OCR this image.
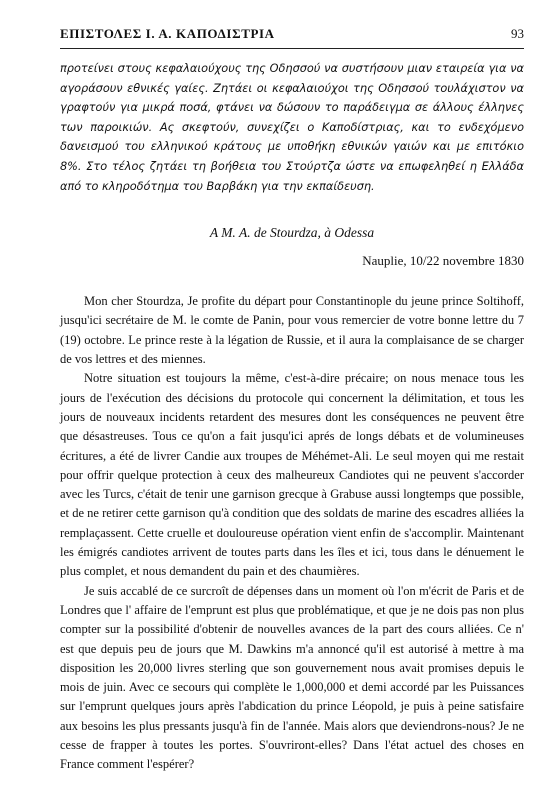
ΕΠΙΣΤΟΛΕΣ Ι. Α. ΚΑΠΟΔΙΣΤΡΙΑ	93
προτείνει στους κεφαλαιούχους της Οδησσού να συστήσουν μιαν εταιρεία για να αγοράσουν εθνικές γαίες. Ζητάει οι κεφαλαιούχοι της Οδησσού τουλάχιστον να γραφτούν για μικρά ποσά, φτάνει να δώσουν το παράδειγμα σε άλλους έλληνες των παροικιών. Ας σκεφτούν, συνεχίζει ο Καποδίστριας, και το ενδεχόμενο δανεισμού του ελληνικού κράτους με υποθήκη εθνικών γαιών και με επιτόκιο 8%. Στο τέλος ζητάει τη βοήθεια του Στούρτζα ώστε να επωφεληθεί η Ελλάδα από το κληροδότημα του Βαρβάκη για την εκπαίδευση.
A M. A. de Stourdza, à Odessa
Nauplie, 10/22 novembre 1830

Mon cher Stourdza, Je profite du départ pour Constantinople du jeune prince Soltihoff, jusqu'ici secrétaire de M. le comte de Panin, pour vous remercier de votre bonne lettre du 7 (19) octobre. Le prince reste à la légation de Russie, et il aura la complaisance de se charger de vos lettres et des miennes.

Notre situation est toujours la même, c'est-à-dire précaire; on nous menace tous les jours de l'exécution des décisions du protocole qui concernent la délimitation, et tous les jours de nouveaux incidents retardent des mesures dont les conséquences ne peuvent être que désastreuses. Tous ce qu'on a fait jusqu'ici aprés de longs débats et de volumineuses écritures, a été de livrer Candie aux troupes de Méhémet-Ali. Le seul moyen qui me restait pour offrir quelque protection à ceux des malheureux Candiotes qui ne peuvent s'accorder avec les Turcs, c'était de tenir une garnison grecque à Grabuse aussi longtemps que possible, et de ne retirer cette garnison qu'à condition que des soldats de marine des escadres alliées la remplaçassent. Cette cruelle et douloureuse opération vient enfin de s'accomplir. Maintenant les émigrés candiotes arrivent de toutes parts dans les îles et ici, tous dans le dénuement le plus complet, et nous demandent du pain et des chaumières.

Je suis accablé de ce surcroît de dépenses dans un moment où l'on m'écrit de Paris et de Londres que l' affaire de l'emprunt est plus que problématique, et que je ne dois pas non plus compter sur la possibilité d'obtenir de nouvelles avances de la part des cours alliées. Ce n' est que depuis peu de jours que M. Dawkins m'a annoncé qu'il est autorisé à mettre à ma disposition les 20,000 livres sterling que son gouvernement nous avait promises depuis le mois de juin. Avec ce secours qui complète le 1,000,000 et demi accordé par les Puissances sur l'emprunt quelques jours après l'abdication du prince Léopold, je puis à peine satisfaire aux besoins les plus pressants jusqu'à fin de l'année. Mais alors que deviendrons-nous? Je ne cesse de frapper à toutes les portes. S'ouvriront-elles? Dans l'état actuel des choses en France comment l'espérer?
